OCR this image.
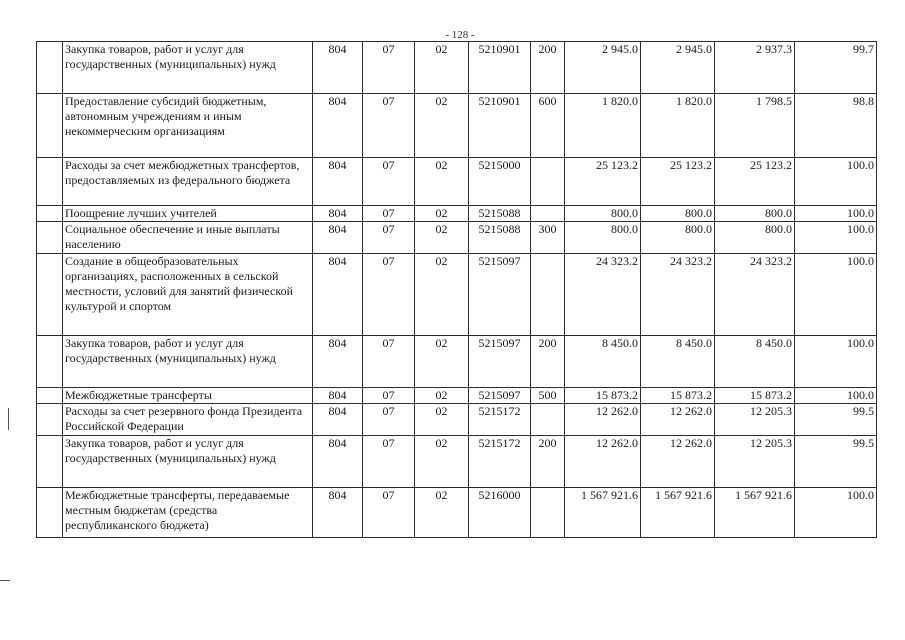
- 128 -
	Закупка товаров, работ и услуг для государственных (муниципальных) нужд	804	07	02	5210901	200	2 945.0	2 945.0	2 937.3	99.7
	Предоставление субсидий бюджетным, автономным учреждениям и иным некоммерческим организациям	804	07	02	5210901	600	1 820.0	1 820.0	1 798.5	98.8
	Расходы за счет межбюджетных трансфертов, предоставляемых из федерального бюджета	804	07	02	5215000		25 123.2	25 123.2	25 123.2	100.0
	Поощрение лучших учителей	804	07	02	5215088		800.0	800.0	800.0	100.0
	Социальное обеспечение и иные выплаты населению	804	07	02	5215088	300	800.0	800.0	800.0	100.0
	Создание в общеобразовательных организациях, расположенных в сельской местности, условий для занятий физической культурой и спортом	804	07	02	5215097		24 323.2	24 323.2	24 323.2	100.0
	Закупка товаров, работ и услуг для государственных (муниципальных) нужд	804	07	02	5215097	200	8 450.0	8 450.0	8 450.0	100.0
	Межбюджетные трансферты	804	07	02	5215097	500	15 873.2	15 873.2	15 873.2	100.0
	Расходы за счет резервного фонда Президента Российской Федерации	804	07	02	5215172		12 262.0	12 262.0	12 205.3	99.5
	Закупка товаров, работ и услуг для государственных (муниципальных) нужд	804	07	02	5215172	200	12 262.0	12 262.0	12 205.3	99.5
	Межбюджетные трансферты, передаваемые местным бюджетам (средства республиканского бюджета)	804	07	02	5216000		1 567 921.6	1 567 921.6	1 567 921.6	100.0
